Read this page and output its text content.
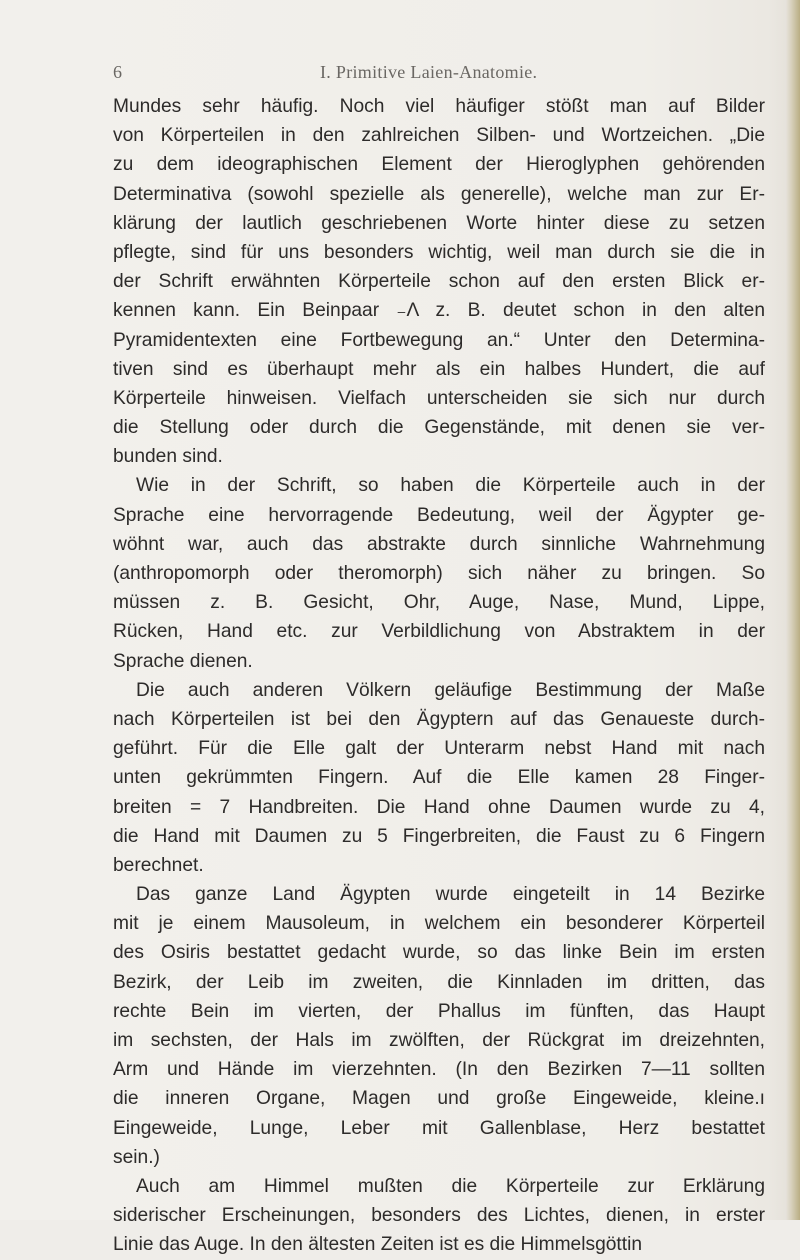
6	I. Primitive Laien-Anatomie.
Mundes sehr häufig. Noch viel häufiger stößt man auf Bilder
von Körperteilen in den zahlreichen Silben- und Wortzeichen. „Die
zu dem ideographischen Element der Hieroglyphen gehörenden
Determinativa (sowohl spezielle als generelle), welche man zur Er-
klärung der lautlich geschriebenen Worte hinter diese zu setzen
pflegte, sind für uns besonders wichtig, weil man durch sie die in
der Schrift erwähnten Körperteile schon auf den ersten Blick er-
kennen kann. Ein Beinpaar ₋Λ z. B. deutet schon in den alten
Pyramidentexten eine Fortbewegung an.“ Unter den Determina-
tiven sind es überhaupt mehr als ein halbes Hundert, die auf
Körperteile hinweisen. Vielfach unterscheiden sie sich nur durch
die Stellung oder durch die Gegenstände, mit denen sie ver-
bunden sind.
Wie in der Schrift, so haben die Körperteile auch in der
Sprache eine hervorragende Bedeutung, weil der Ägypter ge-
wöhnt war, auch das abstrakte durch sinnliche Wahrnehmung
(anthropomorph oder theromorph) sich näher zu bringen. So
müssen z. B. Gesicht, Ohr, Auge, Nase, Mund, Lippe,
Rücken, Hand etc. zur Verbildlichung von Abstraktem in der
Sprache dienen.
Die auch anderen Völkern geläufige Bestimmung der Maße
nach Körperteilen ist bei den Ägyptern auf das Genaueste durch-
geführt. Für die Elle galt der Unterarm nebst Hand mit nach
unten gekrümmten Fingern. Auf die Elle kamen 28 Finger-
breiten = 7 Handbreiten. Die Hand ohne Daumen wurde zu 4,
die Hand mit Daumen zu 5 Fingerbreiten, die Faust zu 6 Fingern
berechnet.
Das ganze Land Ägypten wurde eingeteilt in 14 Bezirke
mit je einem Mausoleum, in welchem ein besonderer Körperteil
des Osiris bestattet gedacht wurde, so das linke Bein im ersten
Bezirk, der Leib im zweiten, die Kinnladen im dritten, das
rechte Bein im vierten, der Phallus im fünften, das Haupt
im sechsten, der Hals im zwölften, der Rückgrat im dreizehnten,
Arm und Hände im vierzehnten. (In den Bezirken 7—11 sollten
die inneren Organe, Magen und große Eingeweide, kleine.ı
Eingeweide, Lunge, Leber mit Gallenblase, Herz bestattet
sein.)
Auch am Himmel mußten die Körperteile zur Erklärung
siderischer Erscheinungen, besonders des Lichtes, dienen, in erster
Linie das Auge. In den ältesten Zeiten ist es die Himmelsgöttin
